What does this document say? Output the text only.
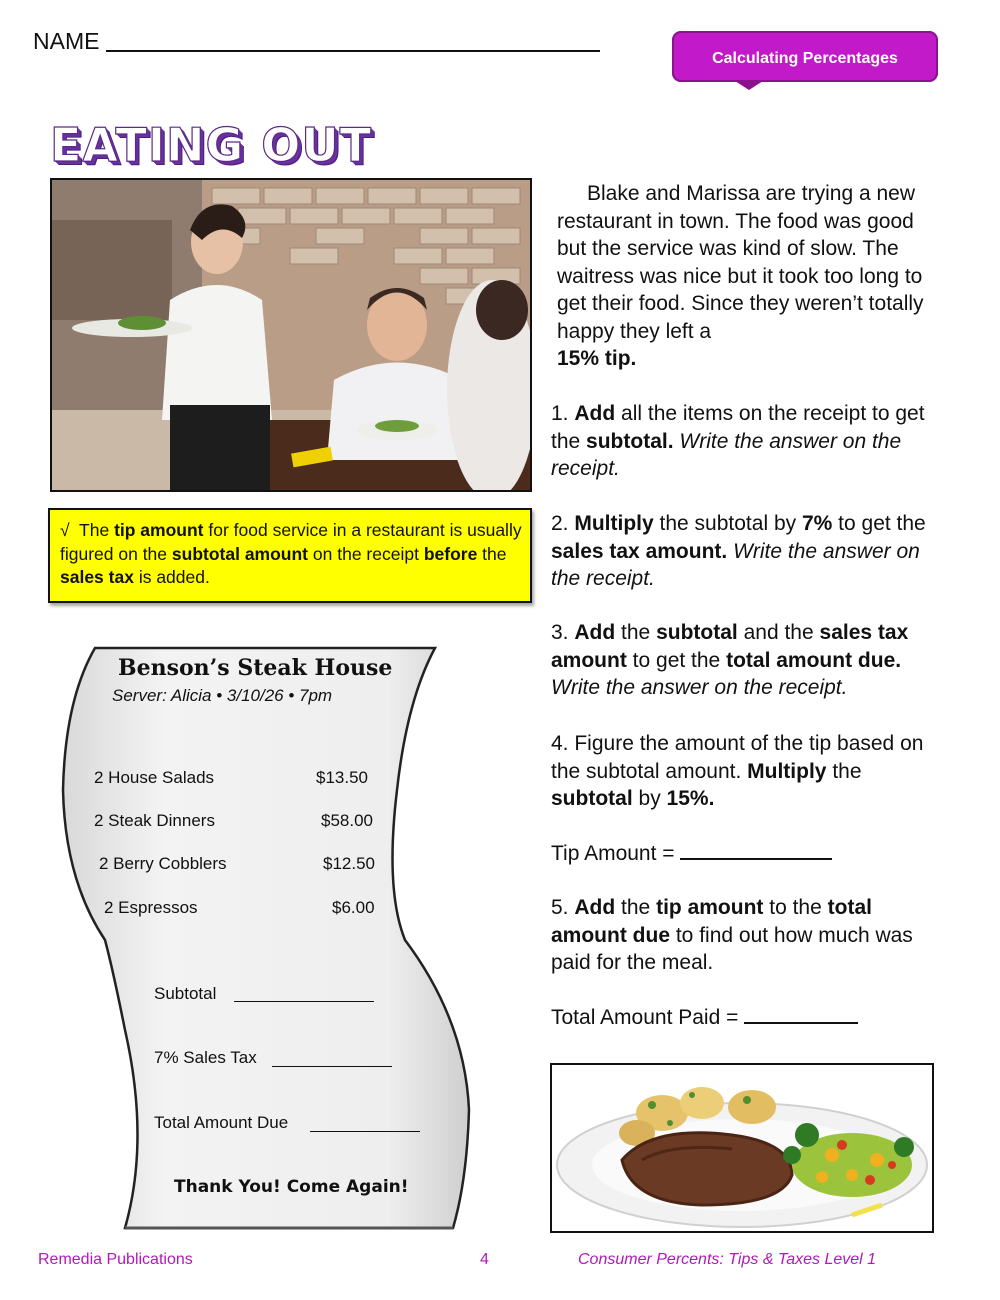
NAME
Calculating Percentages
EATING OUT
Blake and Marissa are trying a new restaurant in town. The food was good but the service was kind of slow. The waitress was nice but it took too long to get their food. Since they weren’t totally happy they left a
15% tip.
1. Add all the items on the receipt to get the subtotal. Write the answer on the receipt.
2. Multiply the subtotal by 7% to get the sales tax amount. Write the answer on the receipt.
3. Add the subtotal and the sales tax amount to get the total amount due. Write the answer on the receipt.
4. Figure the amount of the tip based on the subtotal amount. Multiply the subtotal by 15%.
Tip Amount =
5. Add the tip amount to the total amount due to find out how much was paid for the meal.
Total Amount Paid =
√ The tip amount for food service in a restaurant is usually figured on the subtotal amount on the receipt before the sales tax is added.
Benson’s Steak House
Server: Alicia • 3/10/26 • 7pm
2 House Salads	$13.50
2 Steak Dinners	$58.00
2 Berry Cobblers	$12.50
2 Espressos	$6.00
Subtotal
7% Sales Tax
Total Amount Due
Thank You! Come Again!
Remedia Publications	4	Consumer Percents: Tips & Taxes Level 1
